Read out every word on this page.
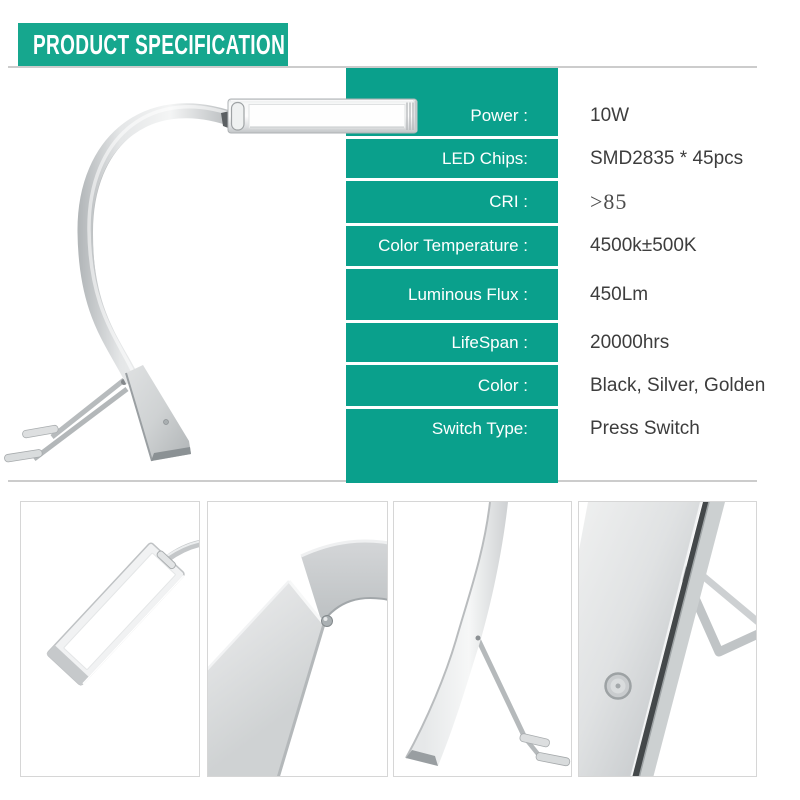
PRODUCT SPECIFICATION
Power :
LED Chips:
CRI :
Color Temperature :
Luminous Flux :
LifeSpan :
Color :
Switch Type:
10W
SMD2835 * 45pcs
>85
4500k±500K
450Lm
20000hrs
Black, Silver, Golden
Press Switch
